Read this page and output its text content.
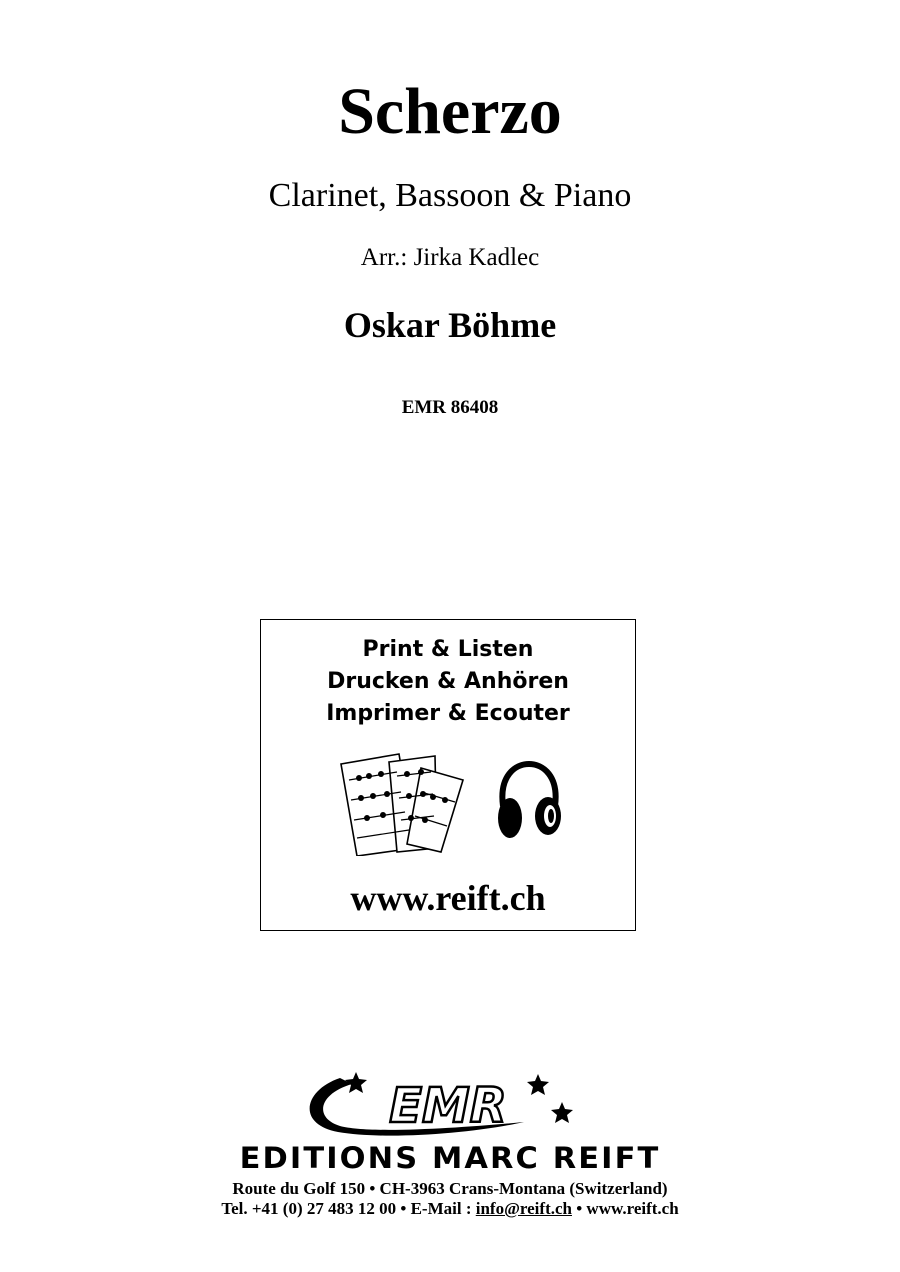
Scherzo
Clarinet, Bassoon & Piano
Arr.: Jirka Kadlec
Oskar Böhme
EMR 86408
Print & Listen
Drucken & Anhören
Imprimer & Ecouter
www.reift.ch
EMR
EDITIONS MARC REIFT
Route du Golf 150 • CH-3963 Crans-Montana (Switzerland)
Tel. +41 (0) 27 483 12 00 • E-Mail : info@reift.ch • www.reift.ch
